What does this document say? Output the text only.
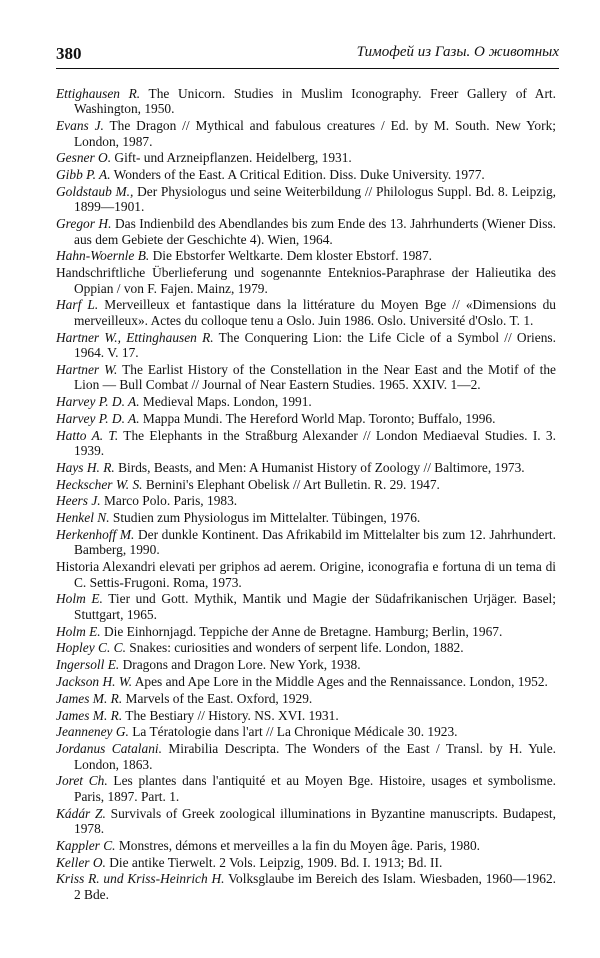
380	Тимофей из Газы. О животных

Ettighausen R. The Unicorn. Studies in Muslim Iconography. Freer Gallery of Art. Washington, 1950.

Evans J. The Dragon // Mythical and fabulous creatures / Ed. by M. South. New York; London, 1987.

Gesner O. Gift- und Arzneipflanzen. Heidelberg, 1931.

Gibb P. A. Wonders of the East. A Critical Edition. Diss. Duke University. 1977.

Goldstaub M., Der Physiologus und seine Weiterbildung // Philologus Suppl. Bd. 8. Leipzig, 1899—1901.

Gregor H. Das Indienbild des Abendlandes bis zum Ende des 13. Jahrhunderts (Wiener Diss. aus dem Gebiete der Geschichte 4). Wien, 1964.

Hahn-Woernle B. Die Ebstorfer Weltkarte. Dem kloster Ebstorf. 1987.

Handschriftliche Überlieferung und sogenannte Enteknios-Paraphrase der Halieutika des Oppian / von F. Fajen. Mainz, 1979.

Harf L. Merveilleux et fantastique dans la littérature du Moyen Bge // «Dimensions du merveilleux». Actes du colloque tenu a Oslo. Juin 1986. Oslo. Université d'Oslo. T. 1.

Hartner W., Ettinghausen R. The Conquering Lion: the Life Cicle of a Symbol // Oriens. 1964. V. 17.

Hartner W. The Earlist History of the Constellation in the Near East and the Motif of the Lion — Bull Combat // Journal of Near Eastern Studies. 1965. XXIV. 1—2.

Harvey P. D. A. Medieval Maps. London, 1991.

Harvey P. D. A. Mappa Mundi. The Hereford World Map. Toronto; Buffalo, 1996.

Hatto A. T. The Elephants in the Straßburg Alexander // London Mediaeval Studies. I. 3. 1939.

Hays H. R. Birds, Beasts, and Men: A Humanist History of Zoology // Baltimore, 1973.

Heckscher W. S. Bernini's Elephant Obelisk // Art Bulletin. R. 29. 1947.

Heers J. Marco Polo. Paris, 1983.

Henkel N. Studien zum Physiologus im Mittelalter. Tübingen, 1976.

Herkenhoff M. Der dunkle Kontinent. Das Afrikabild im Mittelalter bis zum 12. Jahrhundert. Bamberg, 1990.

Historia Alexandri elevati per griphos ad aerem. Origine, iconografia e fortuna di un tema di C. Settis-Frugoni. Roma, 1973.

Holm E. Tier und Gott. Mythik, Mantik und Magie der Südafrikanischen Urjäger. Basel; Stuttgart, 1965.

Holm E. Die Einhornjagd. Teppiche der Anne de Bretagne. Hamburg; Berlin, 1967.

Hopley C. C. Snakes: curiosities and wonders of serpent life. London, 1882.

Ingersoll E. Dragons and Dragon Lore. New York, 1938.

Jackson H. W. Apes and Ape Lore in the Middle Ages and the Rennaissance. London, 1952.

James M. R. Marvels of the East. Oxford, 1929.

James M. R. The Bestiary // History. NS. XVI. 1931.

Jeanneney G. La Tératologie dans l'art // La Chronique Médicale 30. 1923.

Jordanus Catalani. Mirabilia Descripta. The Wonders of the East / Transl. by H. Yule. London, 1863.

Joret Ch. Les plantes dans l'antiquité et au Moyen Bge. Histoire, usages et symbolisme. Paris, 1897. Part. 1.

Kádár Z. Survivals of Greek zoological illuminations in Byzantine manuscripts. Budapest, 1978.

Kappler C. Monstres, démons et merveilles a la fin du Moyen âge. Paris, 1980.

Keller O. Die antike Tierwelt. 2 Vols. Leipzig, 1909. Bd. I. 1913; Bd. II.

Kriss R. und Kriss-Heinrich H. Volksglaube im Bereich des Islam. Wiesbaden, 1960—1962. 2 Bde.
